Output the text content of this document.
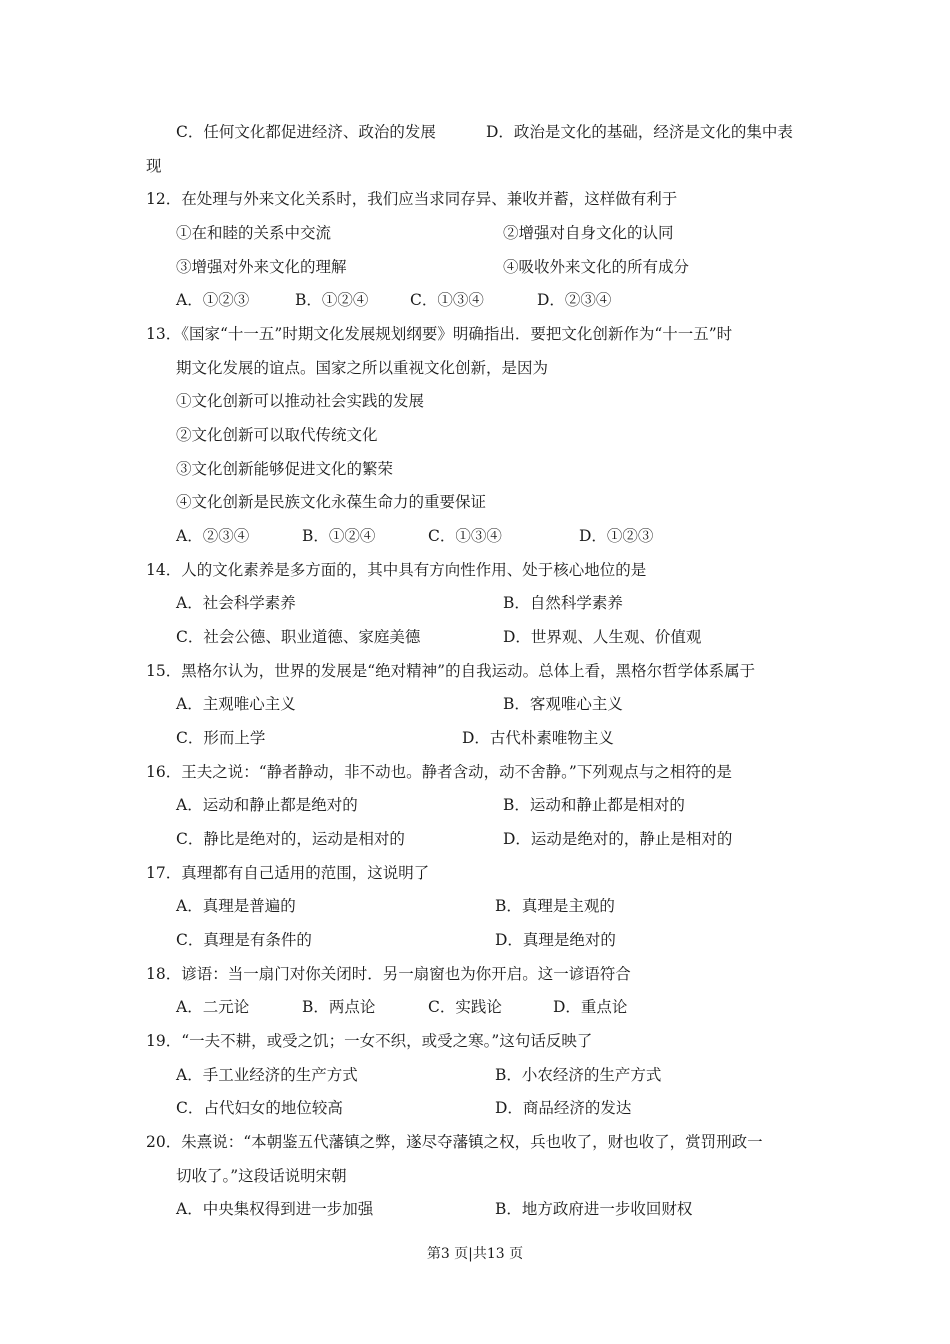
C．任何文化都促进经济、政治的发展	D．政治是文化的基础，经济是文化的集中表
现
12．在处理与外来文化关系时，我们应当求同存异、兼收并蓄，这样做有利于
①在和睦的关系中交流	②增强对自身文化的认同
③增强对外来文化的理解	④吸收外来文化的所有成分
A．①②③	B．①②④	C．①③④	D．②③④
13．《国家“十一五”时期文化发展规划纲要》明确指出．要把文化创新作为“十一五”时
期文化发展的谊点。国家之所以重视文化创新，是因为
①文化创新可以推动社会实践的发展
②文化创新可以取代传统文化
③文化创新能够促进文化的繁荣
④文化创新是民族文化永葆生命力的重要保证
A．②③④	B．①②④	C．①③④	D．①②③
14．人的文化素养是多方面的，其中具有方向性作用、处于核心地位的是
A．社会科学素养	B．自然科学素养
C．社会公德、职业道德、家庭美德	D．世界观、人生观、价值观
15．黑格尔认为，世界的发展是“绝对精神”的自我运动。总体上看，黑格尔哲学体系属于
A．主观唯心主义	B．客观唯心主义
C．形而上学	D．古代朴素唯物主义
16．王夫之说：“静者静动，非不动也。静者含动，动不舍静。”下列观点与之相符的是
A．运动和静止都是绝对的	B．运动和静止都是相对的
C．静比是绝对的，运动是相对的	D．运动是绝对的，静止是相对的
17．真理都有自己适用的范围，这说明了
A．真理是普遍的	B．真理是主观的
C．真理是有条件的	D．真理是绝对的
18．谚语：当一扇门对你关闭时．另一扇窗也为你开启。这一谚语符合
A．二元论	B．两点论	C．实践论	D．重点论
19．“一夫不耕，或受之饥；一女不织，或受之寒。”这句话反映了
A．手工业经济的生产方式	B．小农经济的生产方式
C．占代妇女的地位较高	D．商品经济的发达
20．朱熹说：“本朝鉴五代藩镇之弊，遂尽夺藩镇之权，兵也收了，财也收了，赏罚刑政一
切收了。”这段话说明宋朝
A．中央集权得到进一步加强	B．地方政府进一步收回财权
第3 页|共13 页
